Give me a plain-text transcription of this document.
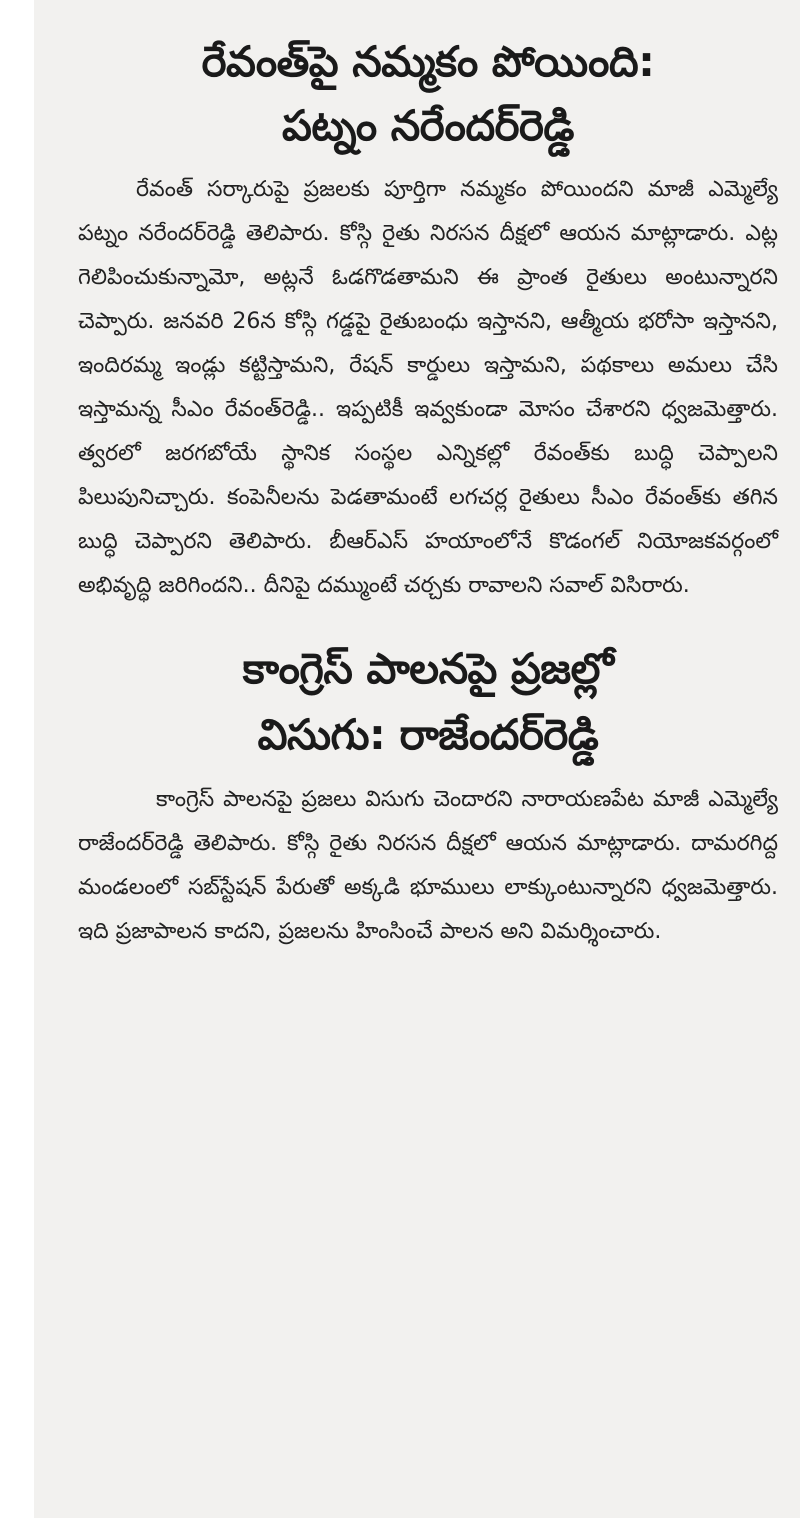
రేవంత్‌పై నమ్మకం పోయింది:
పట్నం నరేందర్‌రెడ్డి

రేవంత్ సర్కారుపై ప్రజలకు పూర్తిగా నమ్మకం పోయిందని మాజీ ఎమ్మెల్యే పట్నం నరేందర్‌రెడ్డి తెలిపారు. కోస్గి రైతు నిరసన దీక్షలో ఆయన మాట్లాడారు. ఎట్ల గెలిపించుకున్నామో, అట్లనే ఓడగొడతామని ఈ ప్రాంత రైతులు అంటున్నారని చెప్పారు. జనవరి 26న కోస్గి గడ్డపై రైతుబంధు ఇస్తానని, ఆత్మీయ భరోసా ఇస్తానని, ఇందిరమ్మ ఇండ్లు కట్టిస్తామని, రేషన్ కార్డులు ఇస్తామని, పథకాలు అమలు చేసి ఇస్తామన్న సీఎం రేవంత్‌రెడ్డి.. ఇప్పటికీ ఇవ్వకుండా మోసం చేశారని ధ్వజమెత్తారు. త్వరలో జరగబోయే స్థానిక సంస్థల ఎన్నికల్లో రేవంత్‌కు బుద్ధి చెప్పాలని పిలుపునిచ్చారు. కంపెనీలను పెడతామంటే లగచర్ల రైతులు సీఎం రేవంత్‌కు తగిన బుద్ధి చెప్పారని తెలిపారు. బీఆర్ఎస్ హయాంలోనే కొడంగల్ నియోజకవర్గంలో అభివృద్ధి జరిగిందని.. దీనిపై దమ్ముంటే చర్చకు రావాలని సవాల్ విసిరారు.

కాంగ్రెస్ పాలనపై ప్రజల్లో
విసుగు: రాజేందర్‌రెడ్డి

కాంగ్రెస్ పాలనపై ప్రజలు విసుగు చెందారని నారాయణపేట మాజీ ఎమ్మెల్యే రాజేందర్‌రెడ్డి తెలిపారు. కోస్గి రైతు నిరసన దీక్షలో ఆయన మాట్లాడారు. దామరగిద్ద మండలంలో సబ్‌స్టేషన్ పేరుతో అక్కడి భూములు లాక్కుంటున్నారని ధ్వజమెత్తారు. ఇది ప్రజాపాలన కాదని, ప్రజలను హింసించే పాలన అని విమర్శించారు.
